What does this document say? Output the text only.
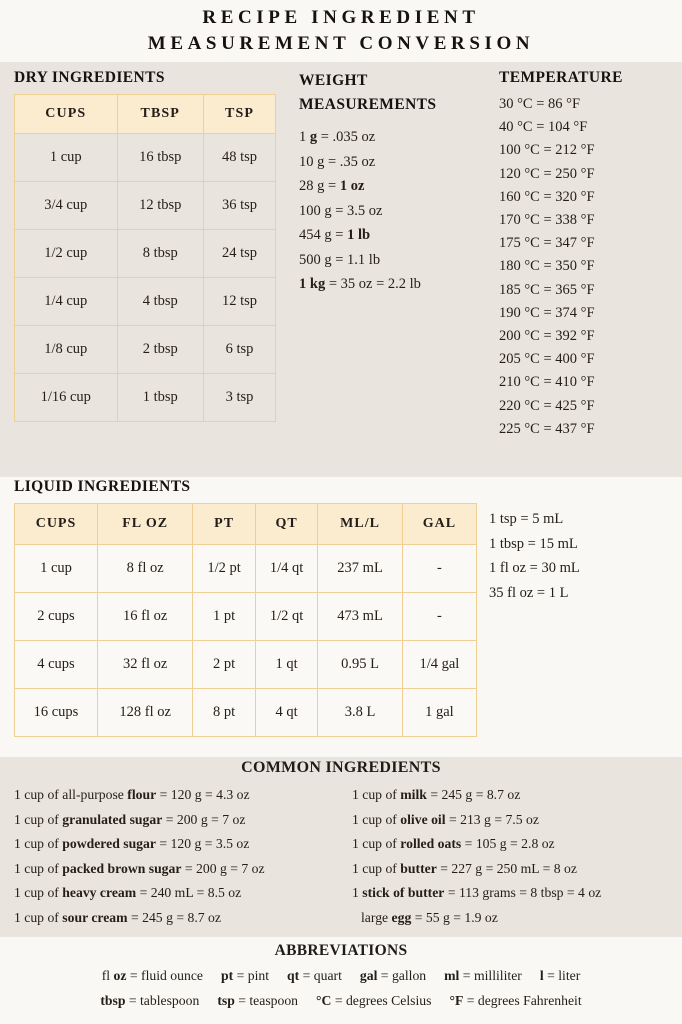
RECIPE INGREDIENT
MEASUREMENT CONVERSION
DRY INGREDIENTS
CUPS	TBSP	TSP
1 cup	16 tbsp	48 tsp
3/4 cup	12 tbsp	36 tsp
1/2 cup	8 tbsp	24 tsp
1/4 cup	4 tbsp	12 tsp
1/8 cup	2 tbsp	6 tsp
1/16 cup	1 tbsp	3 tsp
WEIGHT
MEASUREMENTS
1 g = .035 oz
10 g = .35 oz
28 g = 1 oz
100 g = 3.5 oz
454 g = 1 lb
500 g = 1.1 lb
1 kg = 35 oz = 2.2 lb
TEMPERATURE
30 °C = 86 °F
40 °C = 104 °F
100 °C = 212 °F
120 °C = 250 °F
160 °C = 320 °F
170 °C = 338 °F
175 °C = 347 °F
180 °C = 350 °F
185 °C = 365 °F
190 °C = 374 °F
200 °C = 392 °F
205 °C = 400 °F
210 °C = 410 °F
220 °C = 425 °F
225 °C = 437 °F
LIQUID INGREDIENTS
CUPS	FL OZ	PT	QT	ML/L	GAL
1 cup	8 fl oz	1/2 pt	1/4 qt	237 mL	-
2 cups	16 fl oz	1 pt	1/2 qt	473 mL	-
4 cups	32 fl oz	2 pt	1 qt	0.95 L	1/4 gal
16 cups	128 fl oz	8 pt	4 qt	3.8 L	1 gal
1 tsp = 5 mL
1 tbsp = 15 mL
1 fl oz = 30 mL
35 fl oz = 1 L
COMMON INGREDIENTS
1 cup of all-purpose flour = 120 g = 4.3 oz
1 cup of granulated sugar = 200 g = 7 oz
1 cup of powdered sugar = 120 g = 3.5 oz
1 cup of packed brown sugar = 200 g = 7 oz
1 cup of heavy cream = 240 mL = 8.5 oz
1 cup of sour cream = 245 g = 8.7 oz
1 cup of milk = 245 g = 8.7 oz
1 cup of olive oil = 213 g = 7.5 oz
1 cup of rolled oats = 105 g = 2.8 oz
1 cup of butter = 227 g = 250 mL = 8 oz
1 stick of butter = 113 grams = 8 tbsp = 4 oz
large egg = 55 g = 1.9 oz
ABBREVIATIONS
fl oz = fluid ounce pt = pint qt = quart gal = gallon ml = milliliter l = liter
tbsp = tablespoon tsp = teaspoon °C = degrees Celsius °F = degrees Fahrenheit
